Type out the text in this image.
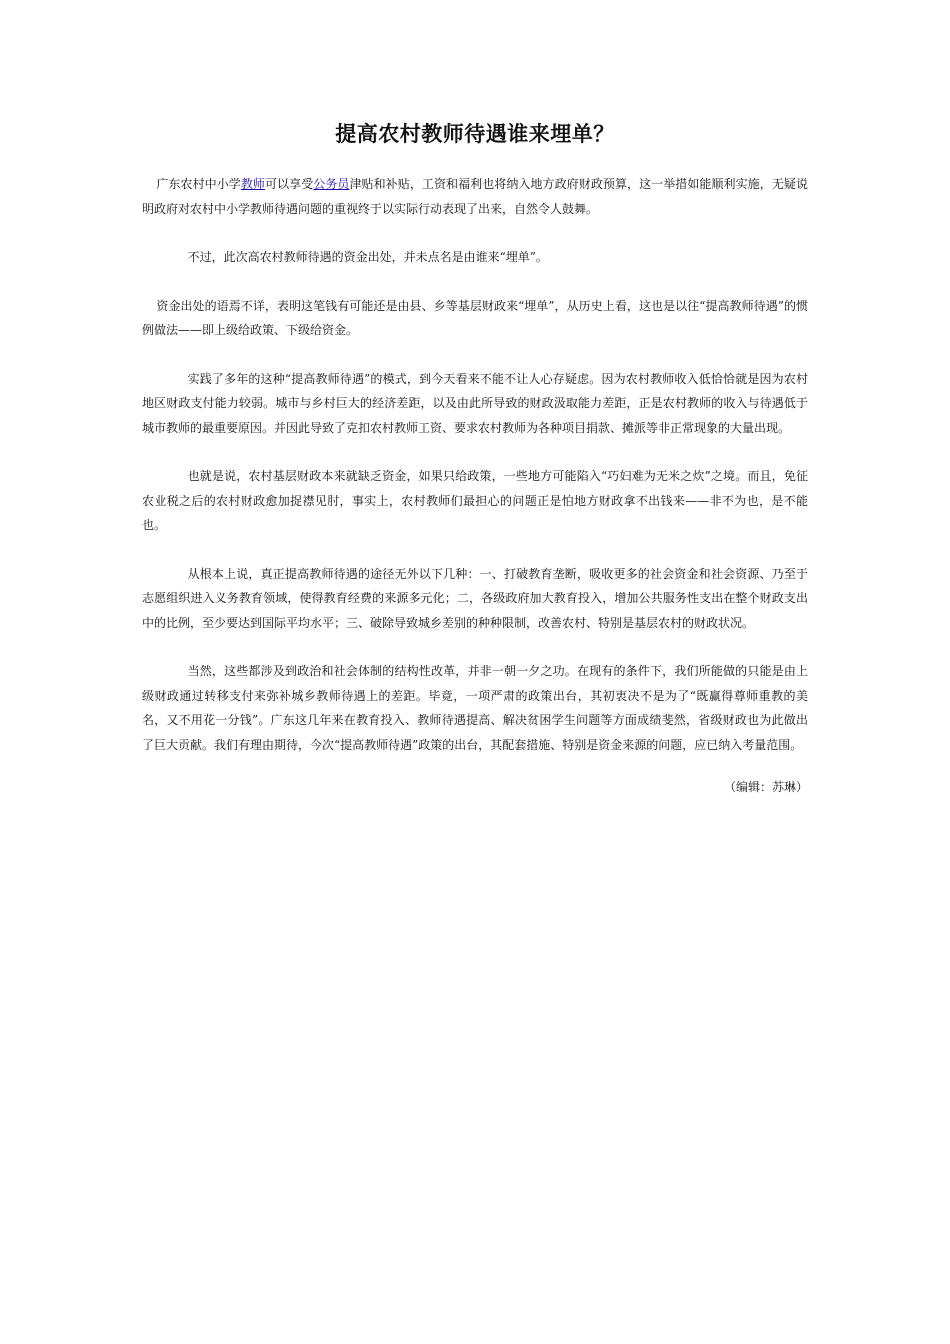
提高农村教师待遇谁来埋单？

广东农村中小学教师可以享受公务员津贴和补贴，工资和福利也将纳入地方政府财政预算，这一举措如能顺利实施，无疑说明政府对农村中小学教师待遇问题的重视终于以实际行动表现了出来，自然令人鼓舞。

不过，此次高农村教师待遇的资金出处，并未点名是由谁来“埋单”。

资金出处的语焉不详，表明这笔钱有可能还是由县、乡等基层财政来“埋单”，从历史上看，这也是以往“提高教师待遇”的惯例做法——即上级给政策、下级给资金。

实践了多年的这种“提高教师待遇”的模式，到今天看来不能不让人心存疑虑。因为农村教师收入低恰恰就是因为农村地区财政支付能力较弱。城市与乡村巨大的经济差距，以及由此所导致的财政汲取能力差距，正是农村教师的收入与待遇低于城市教师的最重要原因。并因此导致了克扣农村教师工资、要求农村教师为各种项目捐款、摊派等非正常现象的大量出现。

也就是说，农村基层财政本来就缺乏资金，如果只给政策，一些地方可能陷入“巧妇难为无米之炊”之境。而且，免征农业税之后的农村财政愈加捉襟见肘，事实上，农村教师们最担心的问题正是怕地方财政拿不出钱来——非不为也，是不能也。

从根本上说，真正提高教师待遇的途径无外以下几种：一、打破教育垄断，吸收更多的社会资金和社会资源、乃至于志愿组织进入义务教育领域，使得教育经费的来源多元化；二，各级政府加大教育投入，增加公共服务性支出在整个财政支出中的比例，至少要达到国际平均水平；三、破除导致城乡差别的种种限制，改善农村、特别是基层农村的财政状况。

当然，这些都涉及到政治和社会体制的结构性改革，并非一朝一夕之功。在现有的条件下，我们所能做的只能是由上级财政通过转移支付来弥补城乡教师待遇上的差距。毕竟，一项严肃的政策出台，其初衷决不是为了“既赢得尊师重教的美名，又不用花一分钱”。广东这几年来在教育投入、教师待遇提高、解决贫困学生问题等方面成绩斐然，省级财政也为此做出了巨大贡献。我们有理由期待，今次“提高教师待遇”政策的出台，其配套措施、特别是资金来源的问题，应已纳入考量范围。

（编辑：苏琳）
